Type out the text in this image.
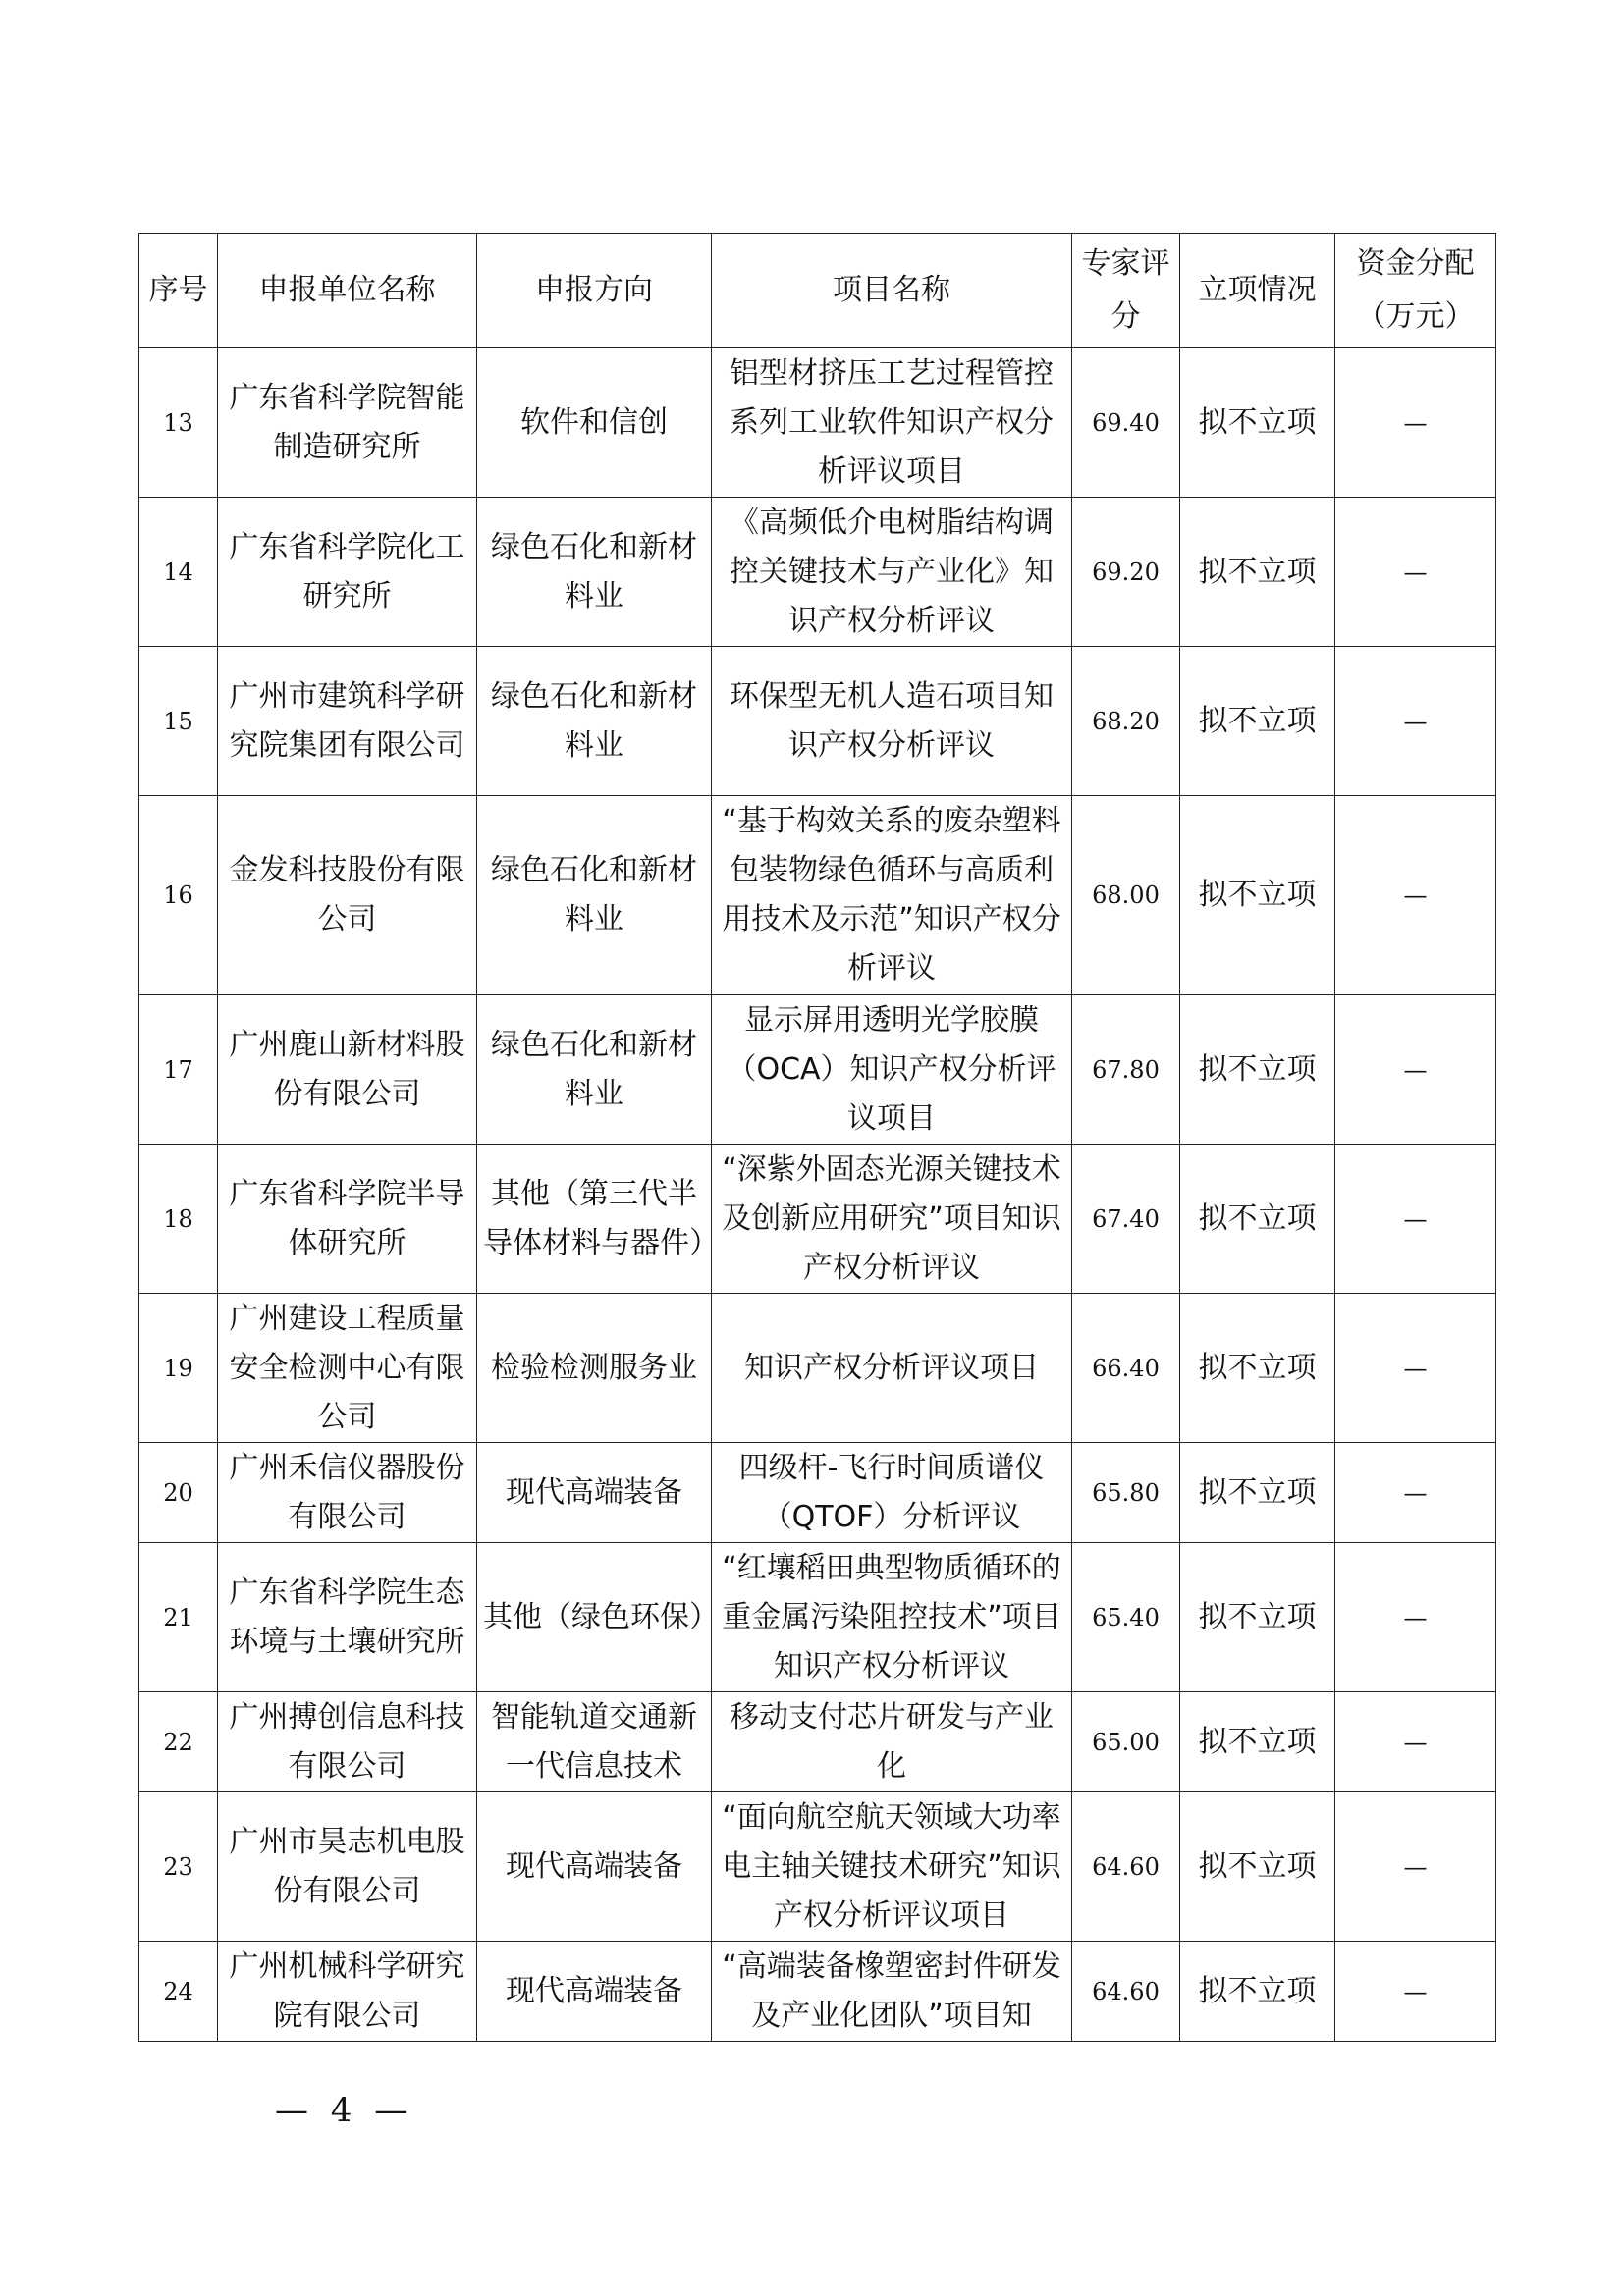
序号	申报单位名称	申报方向	项目名称	专家评分	立项情况	资金分配（万元）
13	广东省科学院智能制造研究所	软件和信创	铝型材挤压工艺过程管控系列工业软件知识产权分析评议项目	69.40	拟不立项	—
14	广东省科学院化工研究所	绿色石化和新材料业	《高频低介电树脂结构调控关键技术与产业化》知识产权分析评议	69.20	拟不立项	—
15	广州市建筑科学研究院集团有限公司	绿色石化和新材料业	环保型无机人造石项目知识产权分析评议	68.20	拟不立项	—
16	金发科技股份有限公司	绿色石化和新材料业	“基于构效关系的废杂塑料包装物绿色循环与高质利用技术及示范”知识产权分析评议	68.00	拟不立项	—
17	广州鹿山新材料股份有限公司	绿色石化和新材料业	显示屏用透明光学胶膜（OCA）知识产权分析评议项目	67.80	拟不立项	—
18	广东省科学院半导体研究所	其他（第三代半导体材料与器件）	“深紫外固态光源关键技术及创新应用研究”项目知识产权分析评议	67.40	拟不立项	—
19	广州建设工程质量安全检测中心有限公司	检验检测服务业	知识产权分析评议项目	66.40	拟不立项	—
20	广州禾信仪器股份有限公司	现代高端装备	四级杆-飞行时间质谱仪（QTOF）分析评议	65.80	拟不立项	—
21	广东省科学院生态环境与土壤研究所	其他（绿色环保）	“红壤稻田典型物质循环的重金属污染阻控技术”项目知识产权分析评议	65.40	拟不立项	—
22	广州搏创信息科技有限公司	智能轨道交通新一代信息技术	移动支付芯片研发与产业化	65.00	拟不立项	—
23	广州市昊志机电股份有限公司	现代高端装备	“面向航空航天领域大功率电主轴关键技术研究”知识产权分析评议项目	64.60	拟不立项	—
24	广州机械科学研究院有限公司	现代高端装备	“高端装备橡塑密封件研发及产业化团队”项目知	64.60	拟不立项	—
— 4 —
